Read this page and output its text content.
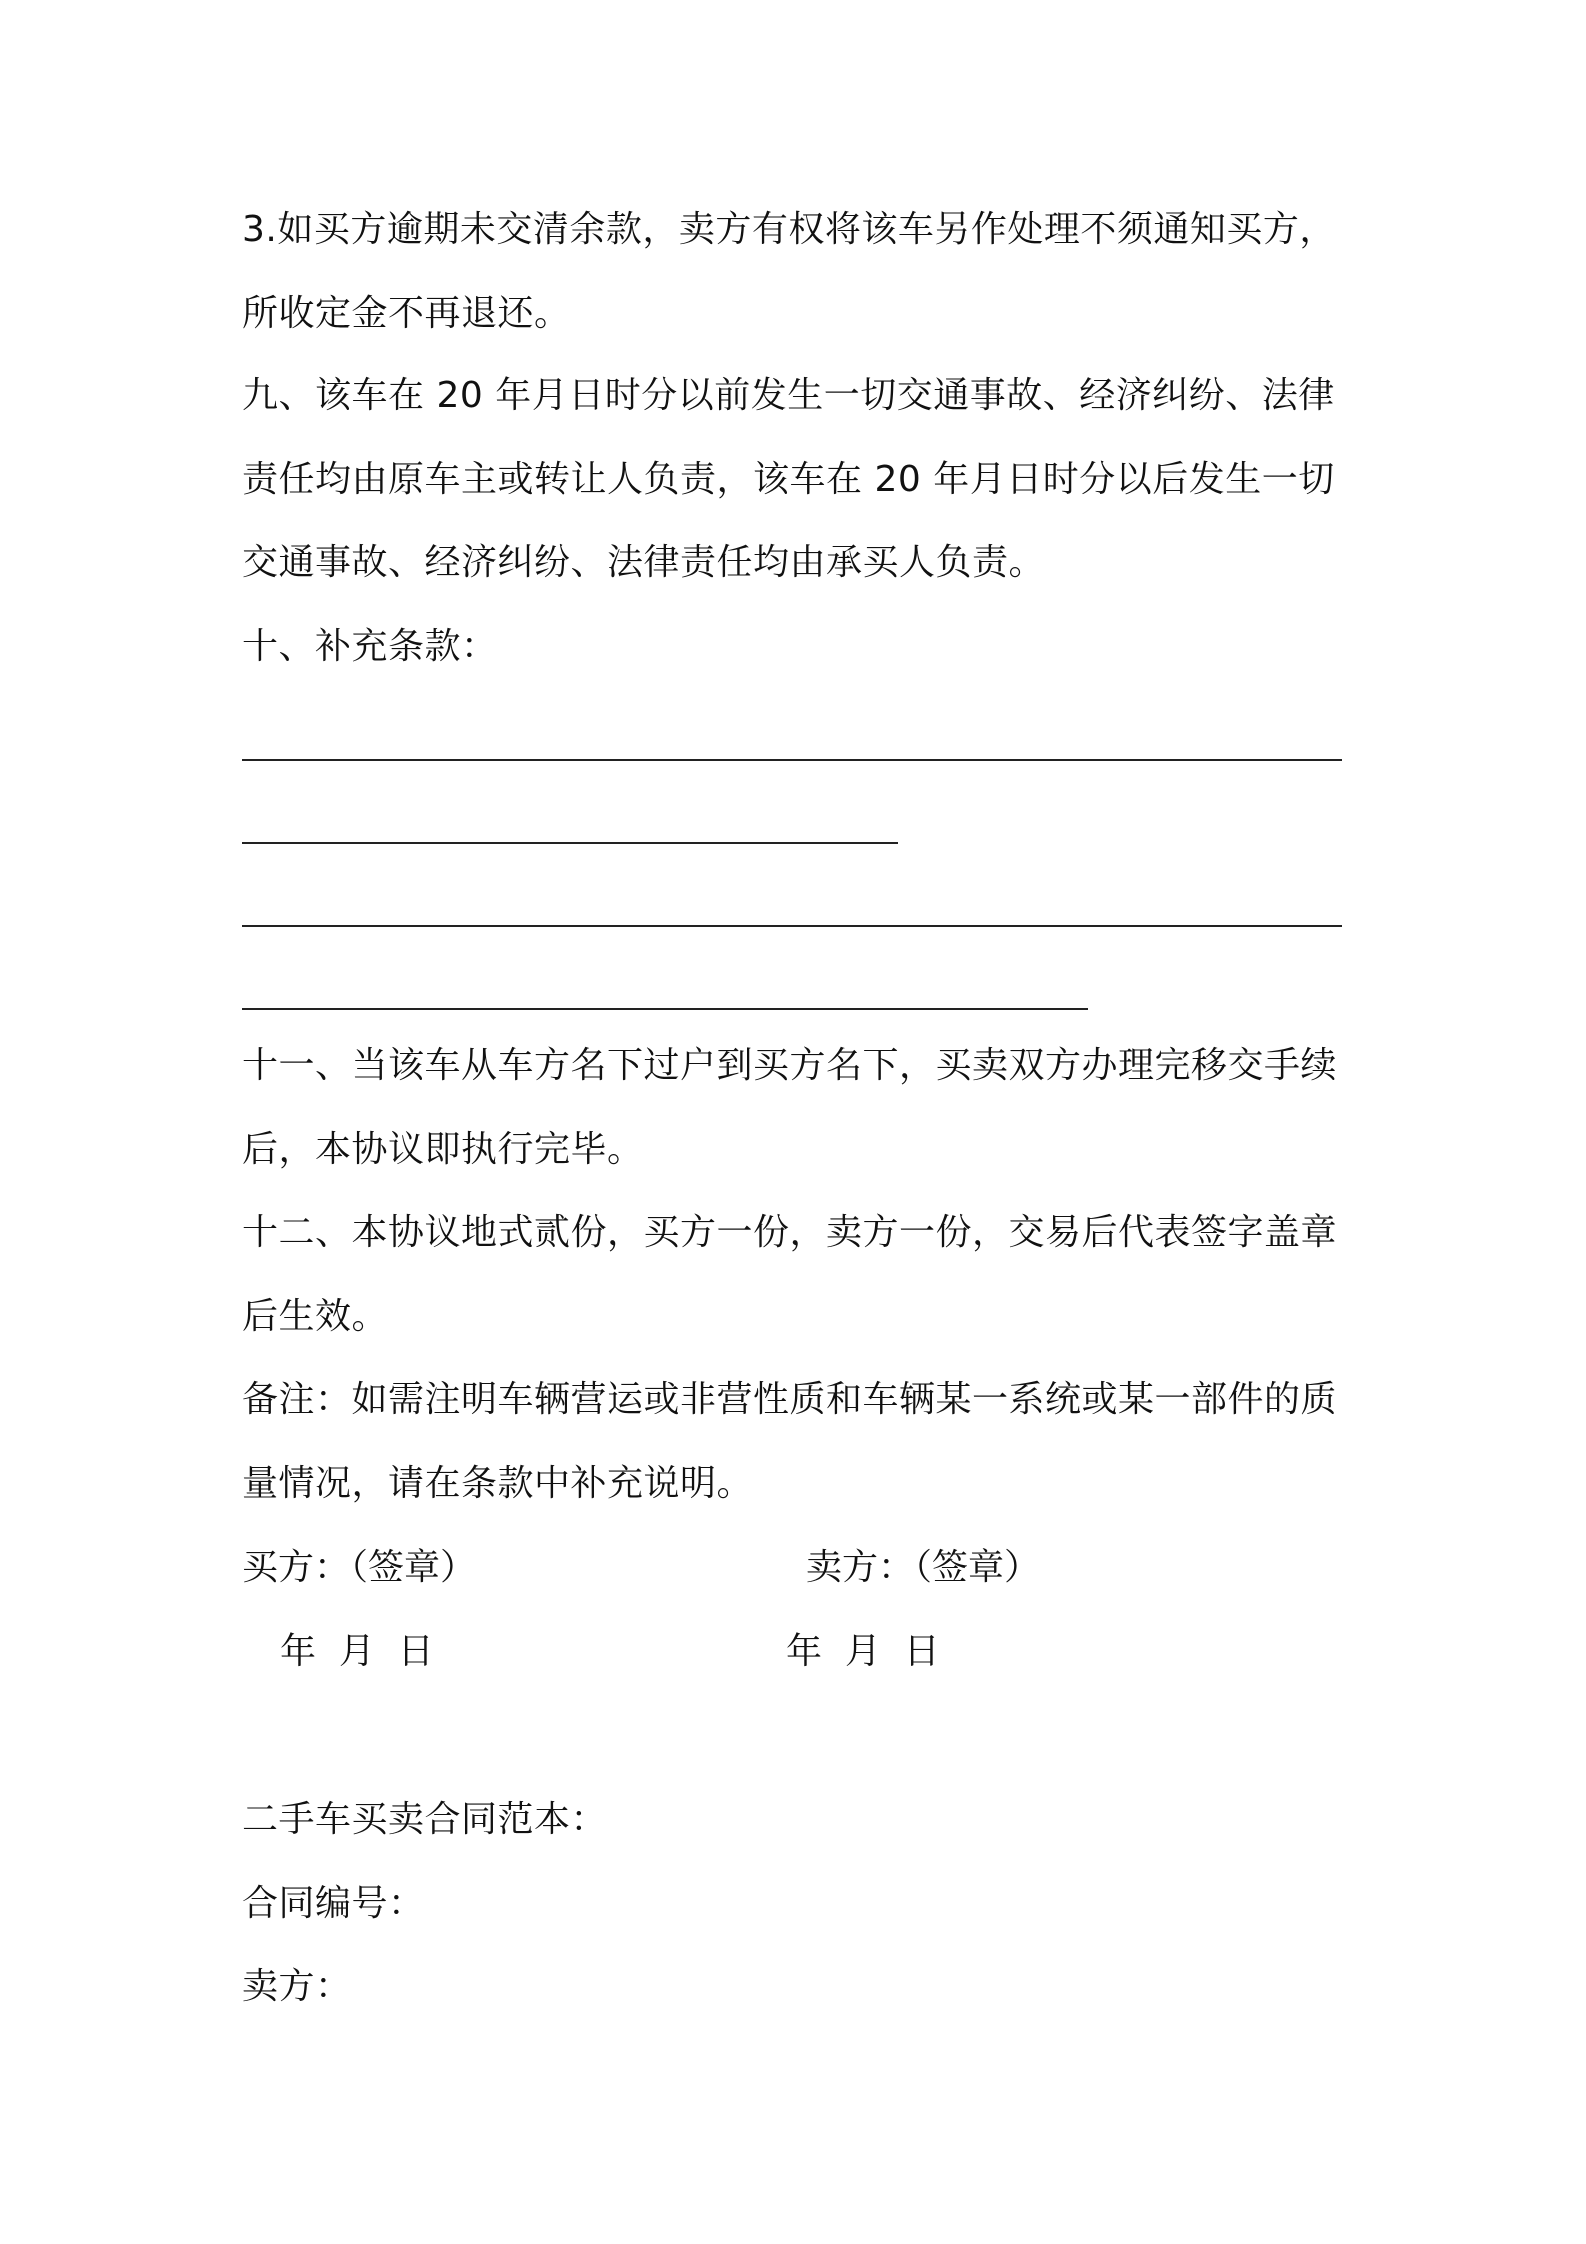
3.如买方逾期未交清余款，卖方有权将该车另作处理不须通知买方，
所收定金不再退还。
九、该车在 20 年月日时分以前发生一切交通事故、经济纠纷、法律
责任均由原车主或转让人负责，该车在 20 年月日时分以后发生一切
交通事故、经济纠纷、法律责任均由承买人负责。
十、补充条款：
十一、当该车从车方名下过户到买方名下，买卖双方办理完移交手续
后，本协议即执行完毕。
十二、本协议地式贰份，买方一份，卖方一份，交易后代表签字盖章
后生效。
备注：如需注明车辆营运或非营性质和车辆某一系统或某一部件的质
量情况，请在条款中补充说明。
买方：（签章）	卖方：（签章）
年  月  日	年  月  日
二手车买卖合同范本：
合同编号：
卖方：
